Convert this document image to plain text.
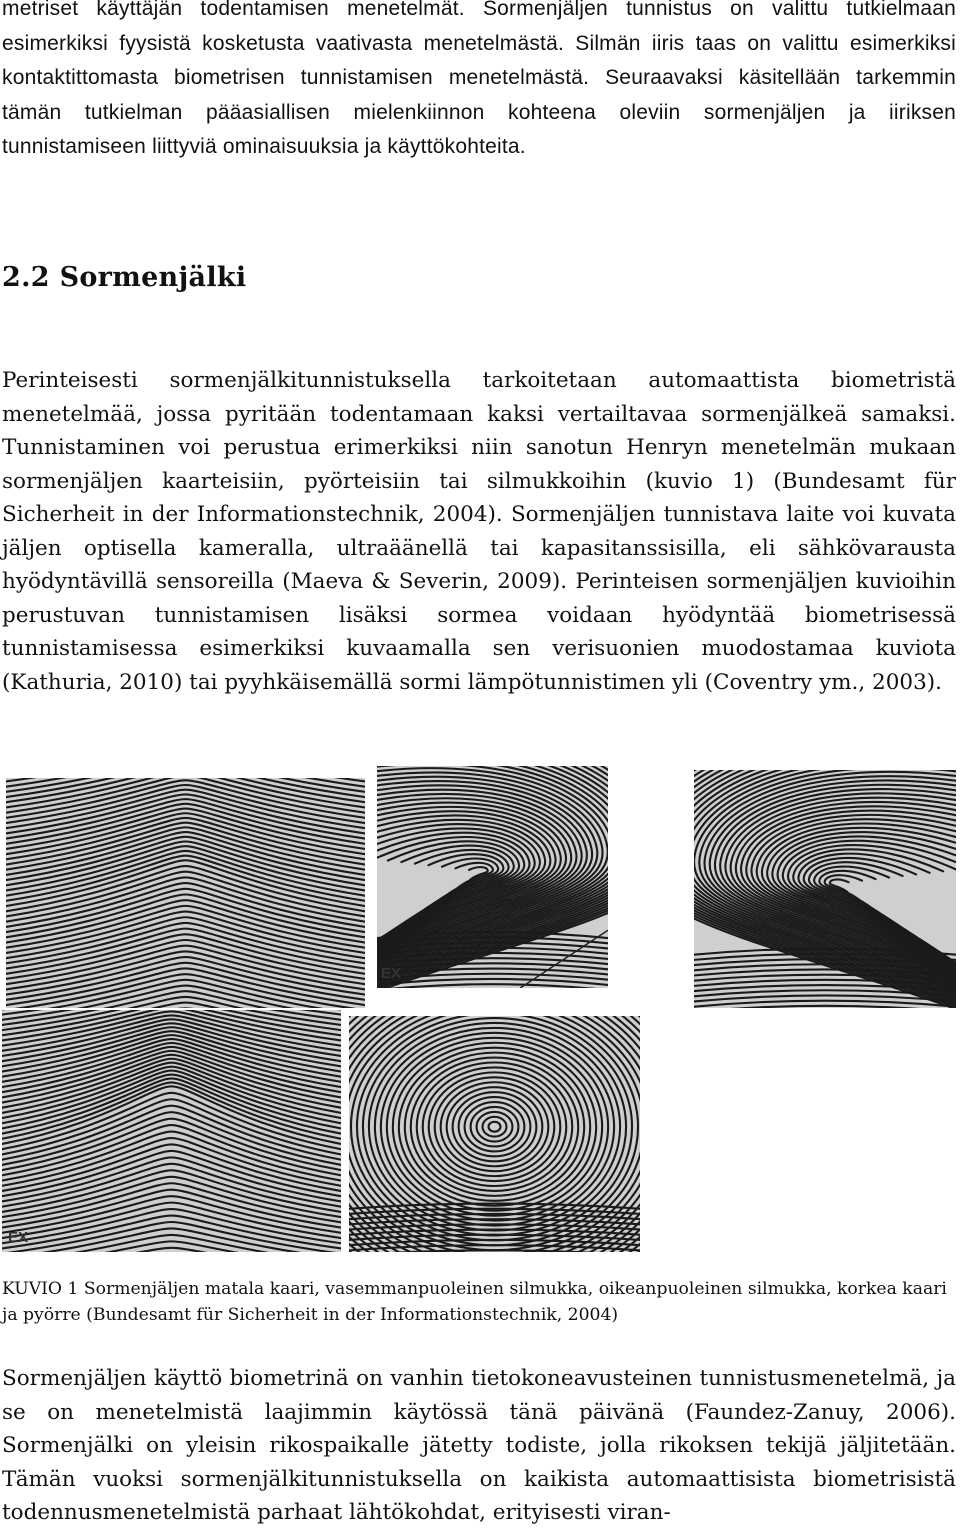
metriset käyttäjän todentamisen menetelmät. Sormenjäljen tunnistus on valittu tutkielmaan esimerkiksi fyysistä kosketusta vaativasta menetelmästä. Silmän iiris taas on valittu esimerkiksi kontaktittomasta biometrisen tunnistamisen menetelmästä. Seuraavaksi käsitellään tarkemmin tämän tutkielman pääasiallisen mielenkiinnon kohteena oleviin sormenjäljen ja iiriksen tunnistamiseen liittyviä ominaisuuksia ja käyttökohteita.

2.2 Sormenjälki

Perinteisesti sormenjälkitunnistuksella tarkoitetaan automaattista biometristä menetelmää, jossa pyritään todentamaan kaksi vertailtavaa sormenjälkeä samaksi. Tunnistaminen voi perustua erimerkiksi niin sanotun Henryn menetelmän mukaan sormenjäljen kaarteisiin, pyörteisiin tai silmukkoihin (kuvio 1) (Bundesamt für Sicherheit in der Informationstechnik, 2004). Sormenjäljen tunnistava laite voi kuvata jäljen optisella kameralla, ultraäänellä tai kapasitanssisilla, eli sähkövarausta hyödyntävillä sensoreilla (Maeva & Severin, 2009). Perinteisen sormenjäljen kuvioihin perustuvan tunnistamisen lisäksi sormea voidaan hyödyntää biometrisessä tunnistamisessa esimerkiksi kuvaamalla sen verisuonien muodostamaa kuviota (Kathuria, 2010) tai pyyhkäisemällä sormi lämpötunnistimen yli (Coventry ym., 2003).

EX
EX

KUVIO 1 Sormenjäljen matala kaari, vasemmanpuoleinen silmukka, oikeanpuoleinen silmukka, korkea kaari ja pyörre (Bundesamt für Sicherheit in der Informationstechnik, 2004)

Sormenjäljen käyttö biometrinä on vanhin tietokoneavusteinen tunnistusmenetelmä, ja se on menetelmistä laajimmin käytössä tänä päivänä (Faundez-Zanuy, 2006). Sormenjälki on yleisin rikospaikalle jätetty todiste, jolla rikoksen tekijä jäljitetään. Tämän vuoksi sormenjälkitunnistuksella on kaikista automaattisista biometrisistä todennusmenetelmistä parhaat lähtökohdat, erityisesti viran-
